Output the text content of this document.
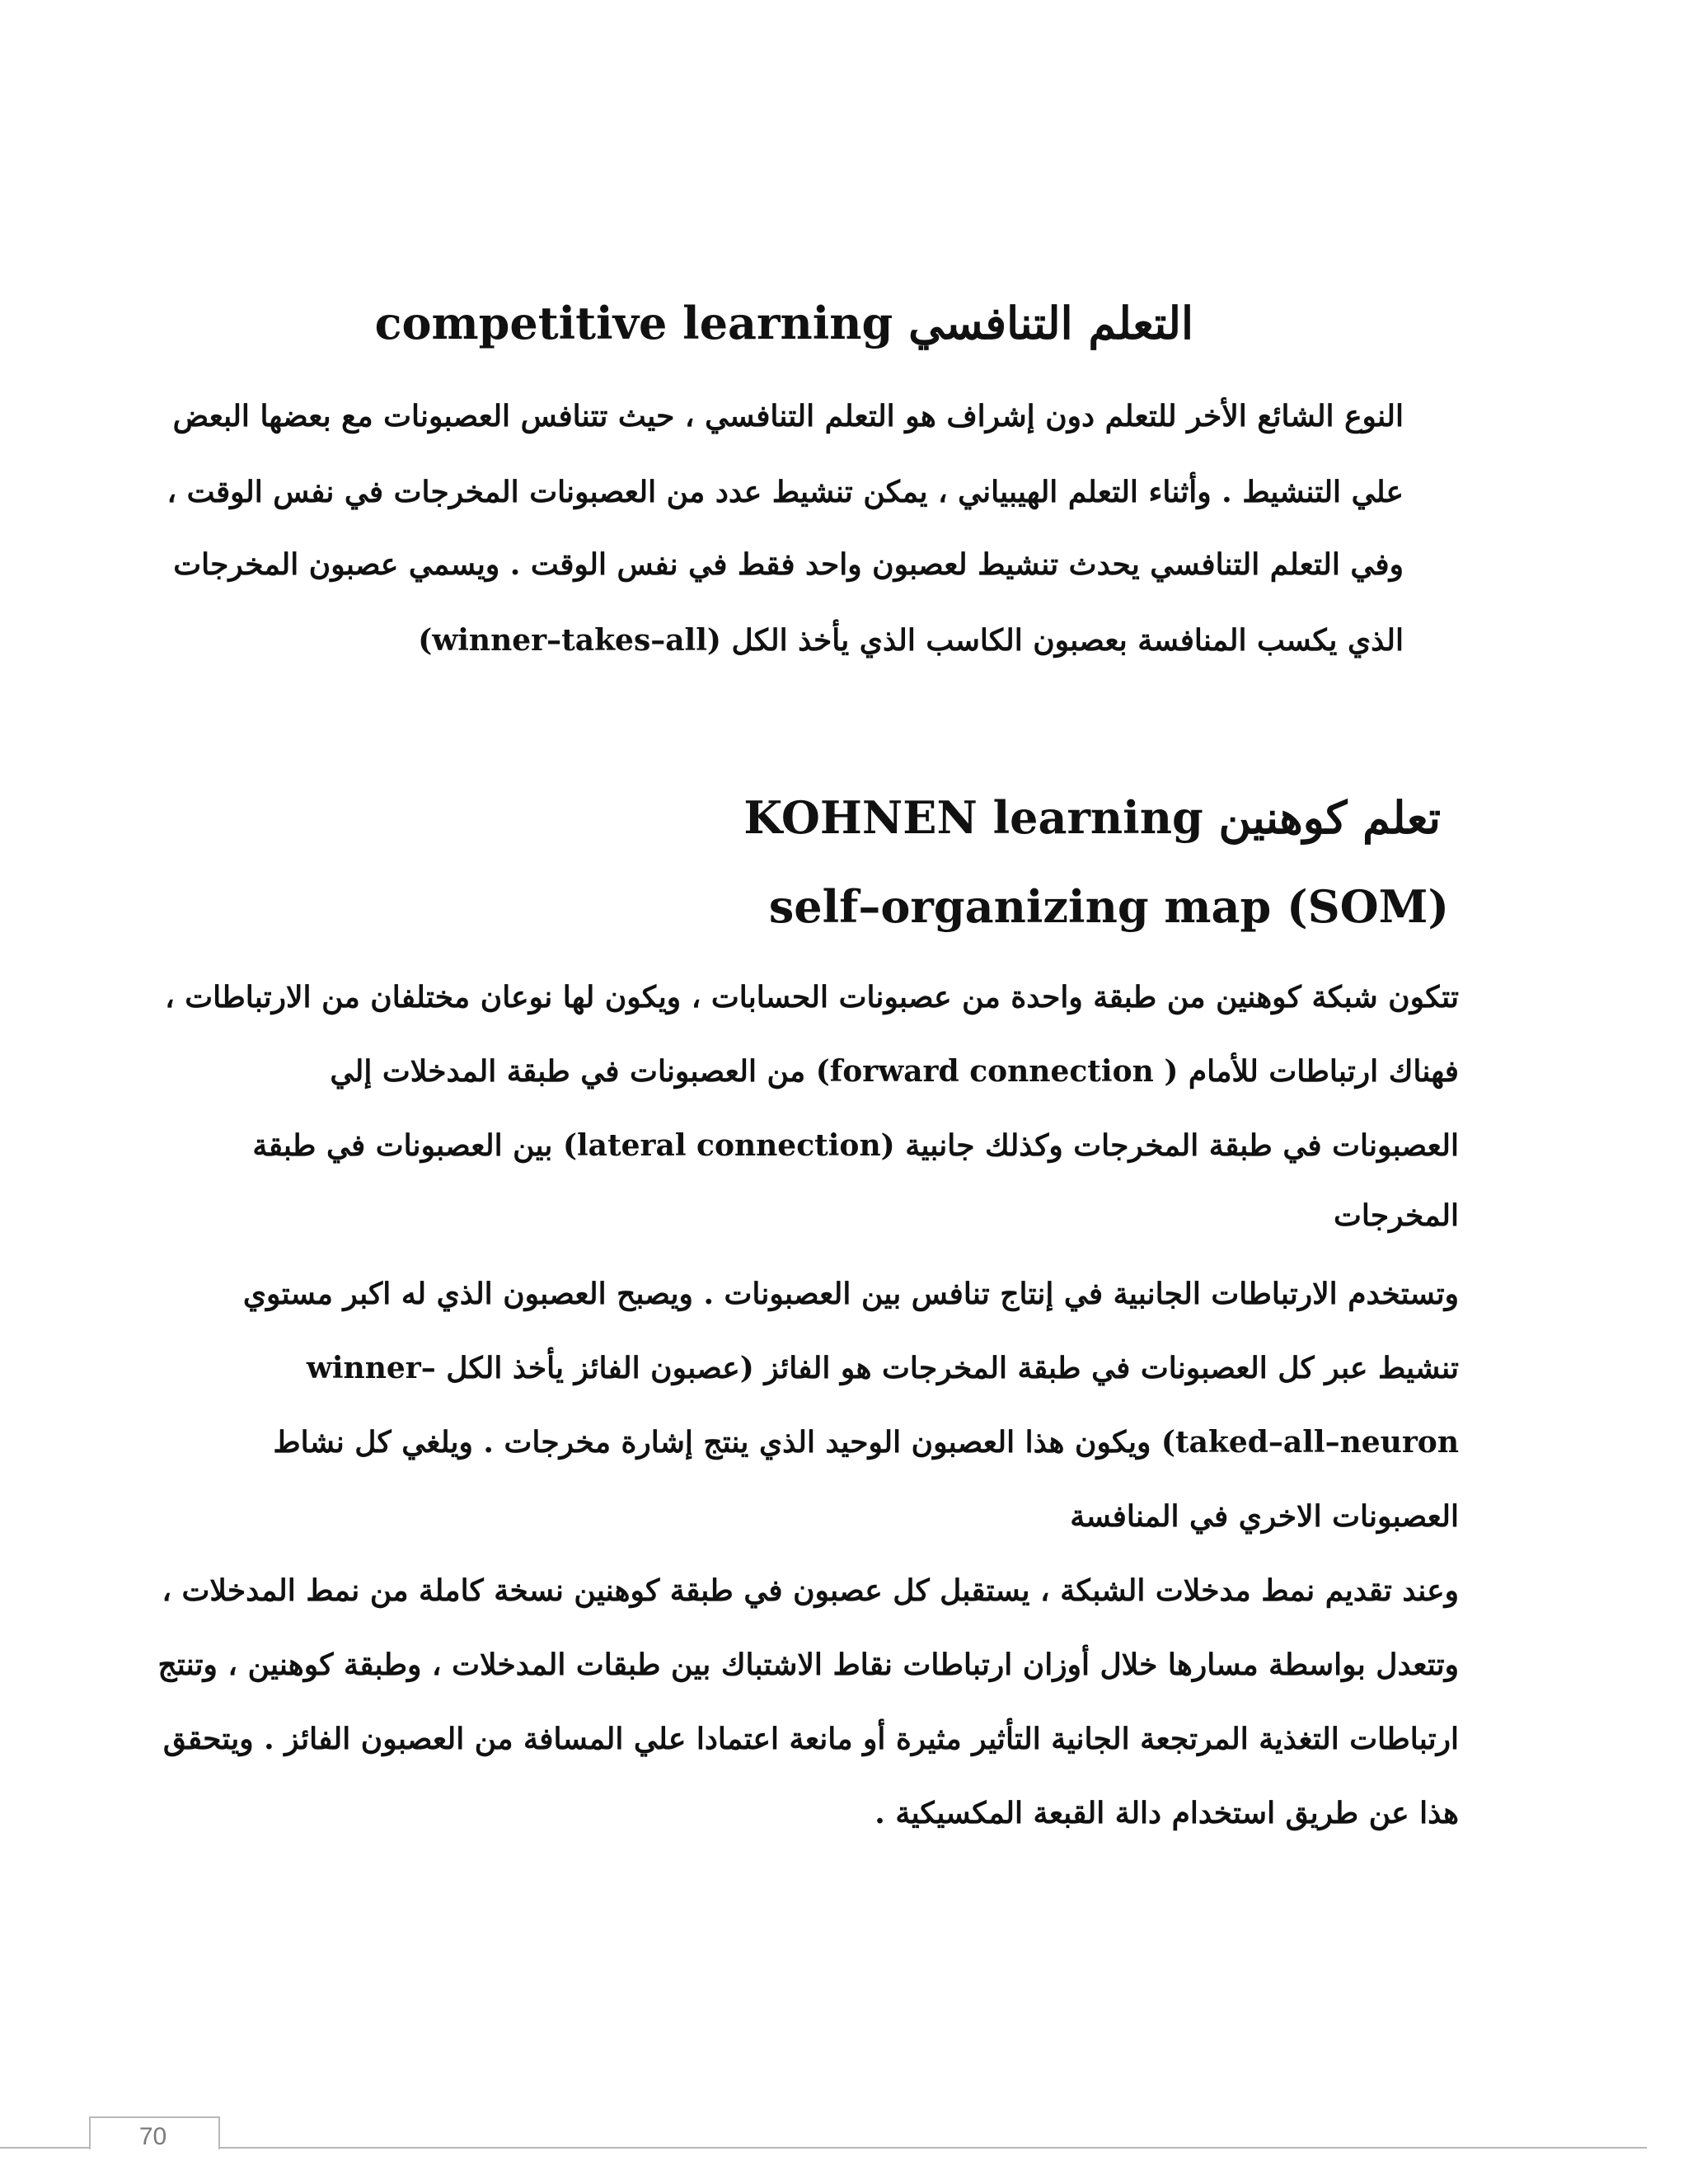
التعلم التنافسي competitive learning
النوع الشائع الأخر للتعلم دون إشراف هو التعلم التنافسي ، حيث تتنافس العصبونات مع بعضها البعض
علي التنشيط . وأثناء التعلم الهيبياني ، يمكن تنشيط عدد من العصبونات المخرجات في نفس الوقت ،
وفي التعلم التنافسي يحدث تنشيط لعصبون واحد فقط في نفس الوقت . ويسمي عصبون المخرجات
الذي يكسب المنافسة بعصبون الكاسب الذي يأخذ الكل (winner–takes–all)
تعلم كوهنين KOHNEN learning
self–organizing map (SOM)
تتكون شبكة كوهنين من طبقة واحدة من عصبونات الحسابات ، ويكون لها نوعان مختلفان من الارتباطات ،
فهناك ارتباطات للأمام ( forward connection) من العصبونات في طبقة المدخلات إلي
العصبونات في طبقة المخرجات وكذلك جانبية (lateral connection) بين العصبونات في طبقة
المخرجات
وتستخدم الارتباطات الجانبية في إنتاج تنافس بين العصبونات . ويصبح العصبون الذي له اكبر مستوي
تنشيط عبر كل العصبونات في طبقة المخرجات هو الفائز (عصبون الفائز يأخذ الكل –winner
taked–all–neuron) ويكون هذا العصبون الوحيد الذي ينتج إشارة مخرجات . ويلغي كل نشاط
العصبونات الاخري في المنافسة
وعند تقديم نمط مدخلات الشبكة ، يستقبل كل عصبون في طبقة كوهنين نسخة كاملة من نمط المدخلات ،
وتتعدل بواسطة مسارها خلال أوزان ارتباطات نقاط الاشتباك بين طبقات المدخلات ، وطبقة كوهنين ، وتنتج
ارتباطات التغذية المرتجعة الجانية التأثير مثيرة أو مانعة اعتمادا علي المسافة من العصبون الفائز . ويتحقق
هذا عن طريق استخدام دالة القبعة المكسيكية .
70
